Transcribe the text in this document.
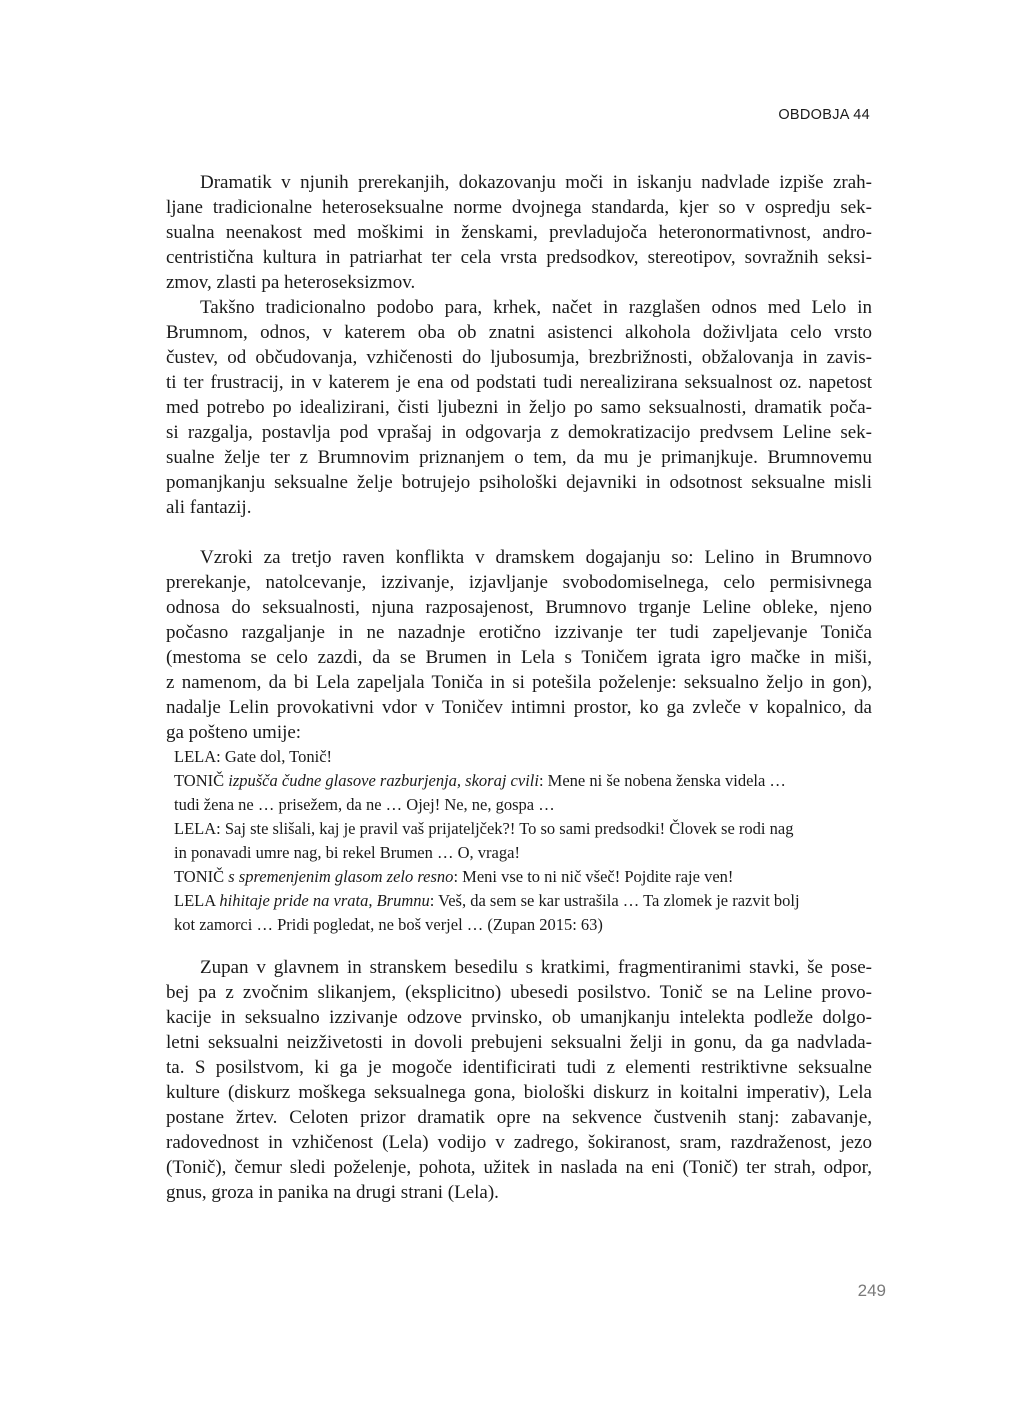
OBDOBJA 44

Dramatik v njunih prerekanjih, dokazovanju moči in iskanju nadvlade izpiše zrah-
ljane tradicionalne heteroseksualne norme dvojnega standarda, kjer so v ospredju sek-
sualna neenakost med moškimi in ženskami, prevladujoča heteronormativnost, andro-
centristična kultura in patriarhat ter cela vrsta predsodkov, stereotipov, sovražnih seksi-
zmov, zlasti pa heteroseksizmov.

Takšno tradicionalno podobo para, krhek, načet in razglašen odnos med Lelo in
Brumnom, odnos, v katerem oba ob znatni asistenci alkohola doživljata celo vrsto
čustev, od občudovanja, vzhičenosti do ljubosumja, brezbrižnosti, obžalovanja in zavis-
ti ter frustracij, in v katerem je ena od podstati tudi nerealizirana seksualnost oz. napetost
med potrebo po idealizirani, čisti ljubezni in željo po samo seksualnosti, dramatik poča-
si razgalja, postavlja pod vprašaj in odgovarja z demokratizacijo predvsem Leline sek-
sualne želje ter z Brumnovim priznanjem o tem, da mu je primanjkuje. Brumnovemu
pomanjkanju seksualne želje botrujejo psihološki dejavniki in odsotnost seksualne misli
ali fantazij.

Vzroki za tretjo raven konflikta v dramskem dogajanju so: Lelino in Brumnovo
prerekanje, natolcevanje, izzivanje, izjavljanje svobodomiselnega, celo permisivnega
odnosa do seksualnosti, njuna razposajenost, Brumnovo trganje Leline obleke, njeno
počasno razgaljanje in ne nazadnje erotično izzivanje ter tudi zapeljevanje Toniča
(mestoma se celo zazdi, da se Brumen in Lela s Toničem igrata igro mačke in miši,
z namenom, da bi Lela zapeljala Toniča in si potešila poželenje: seksualno željo in gon),
nadalje Lelin provokativni vdor v Toničev intimni prostor, ko ga zvleče v kopalnico, da
ga pošteno umije:

LELA: Gate dol, Tonič!
TONIČ izpušča čudne glasove razburjenja, skoraj cvili: Mene ni še nobena ženska videla …
tudi žena ne … prisežem, da ne … Ojej! Ne, ne, gospa …
LELA: Saj ste slišali, kaj je pravil vaš prijateljček?! To so sami predsodki! Človek se rodi nag
in ponavadi umre nag, bi rekel Brumen … O, vraga!
TONIČ s spremenjenim glasom zelo resno: Meni vse to ni nič všeč! Pojdite raje ven!
LELA hihitaje pride na vrata, Brumnu: Veš, da sem se kar ustrašila … Ta zlomek je razvit bolj
kot zamorci … Pridi pogledat, ne boš verjel … (Zupan 2015: 63)

Zupan v glavnem in stranskem besedilu s kratkimi, fragmentiranimi stavki, še pose-
bej pa z zvočnim slikanjem, (eksplicitno) ubesedi posilstvo. Tonič se na Leline provo-
kacije in seksualno izzivanje odzove prvinsko, ob umanjkanju intelekta podleže dolgo-
letni seksualni neizživetosti in dovoli prebujeni seksualni želji in gonu, da ga nadvlada-
ta. S posilstvom, ki ga je mogoče identificirati tudi z elementi restriktivne seksualne
kulture (diskurz moškega seksualnega gona, biološki diskurz in koitalni imperativ), Lela
postane žrtev. Celoten prizor dramatik opre na sekvence čustvenih stanj: zabavanje,
radovednost in vzhičenost (Lela) vodijo v zadrego, šokiranost, sram, razdraženost, jezo
(Tonič), čemur sledi poželenje, pohota, užitek in naslada na eni (Tonič) ter strah, odpor,
gnus, groza in panika na drugi strani (Lela).

249
